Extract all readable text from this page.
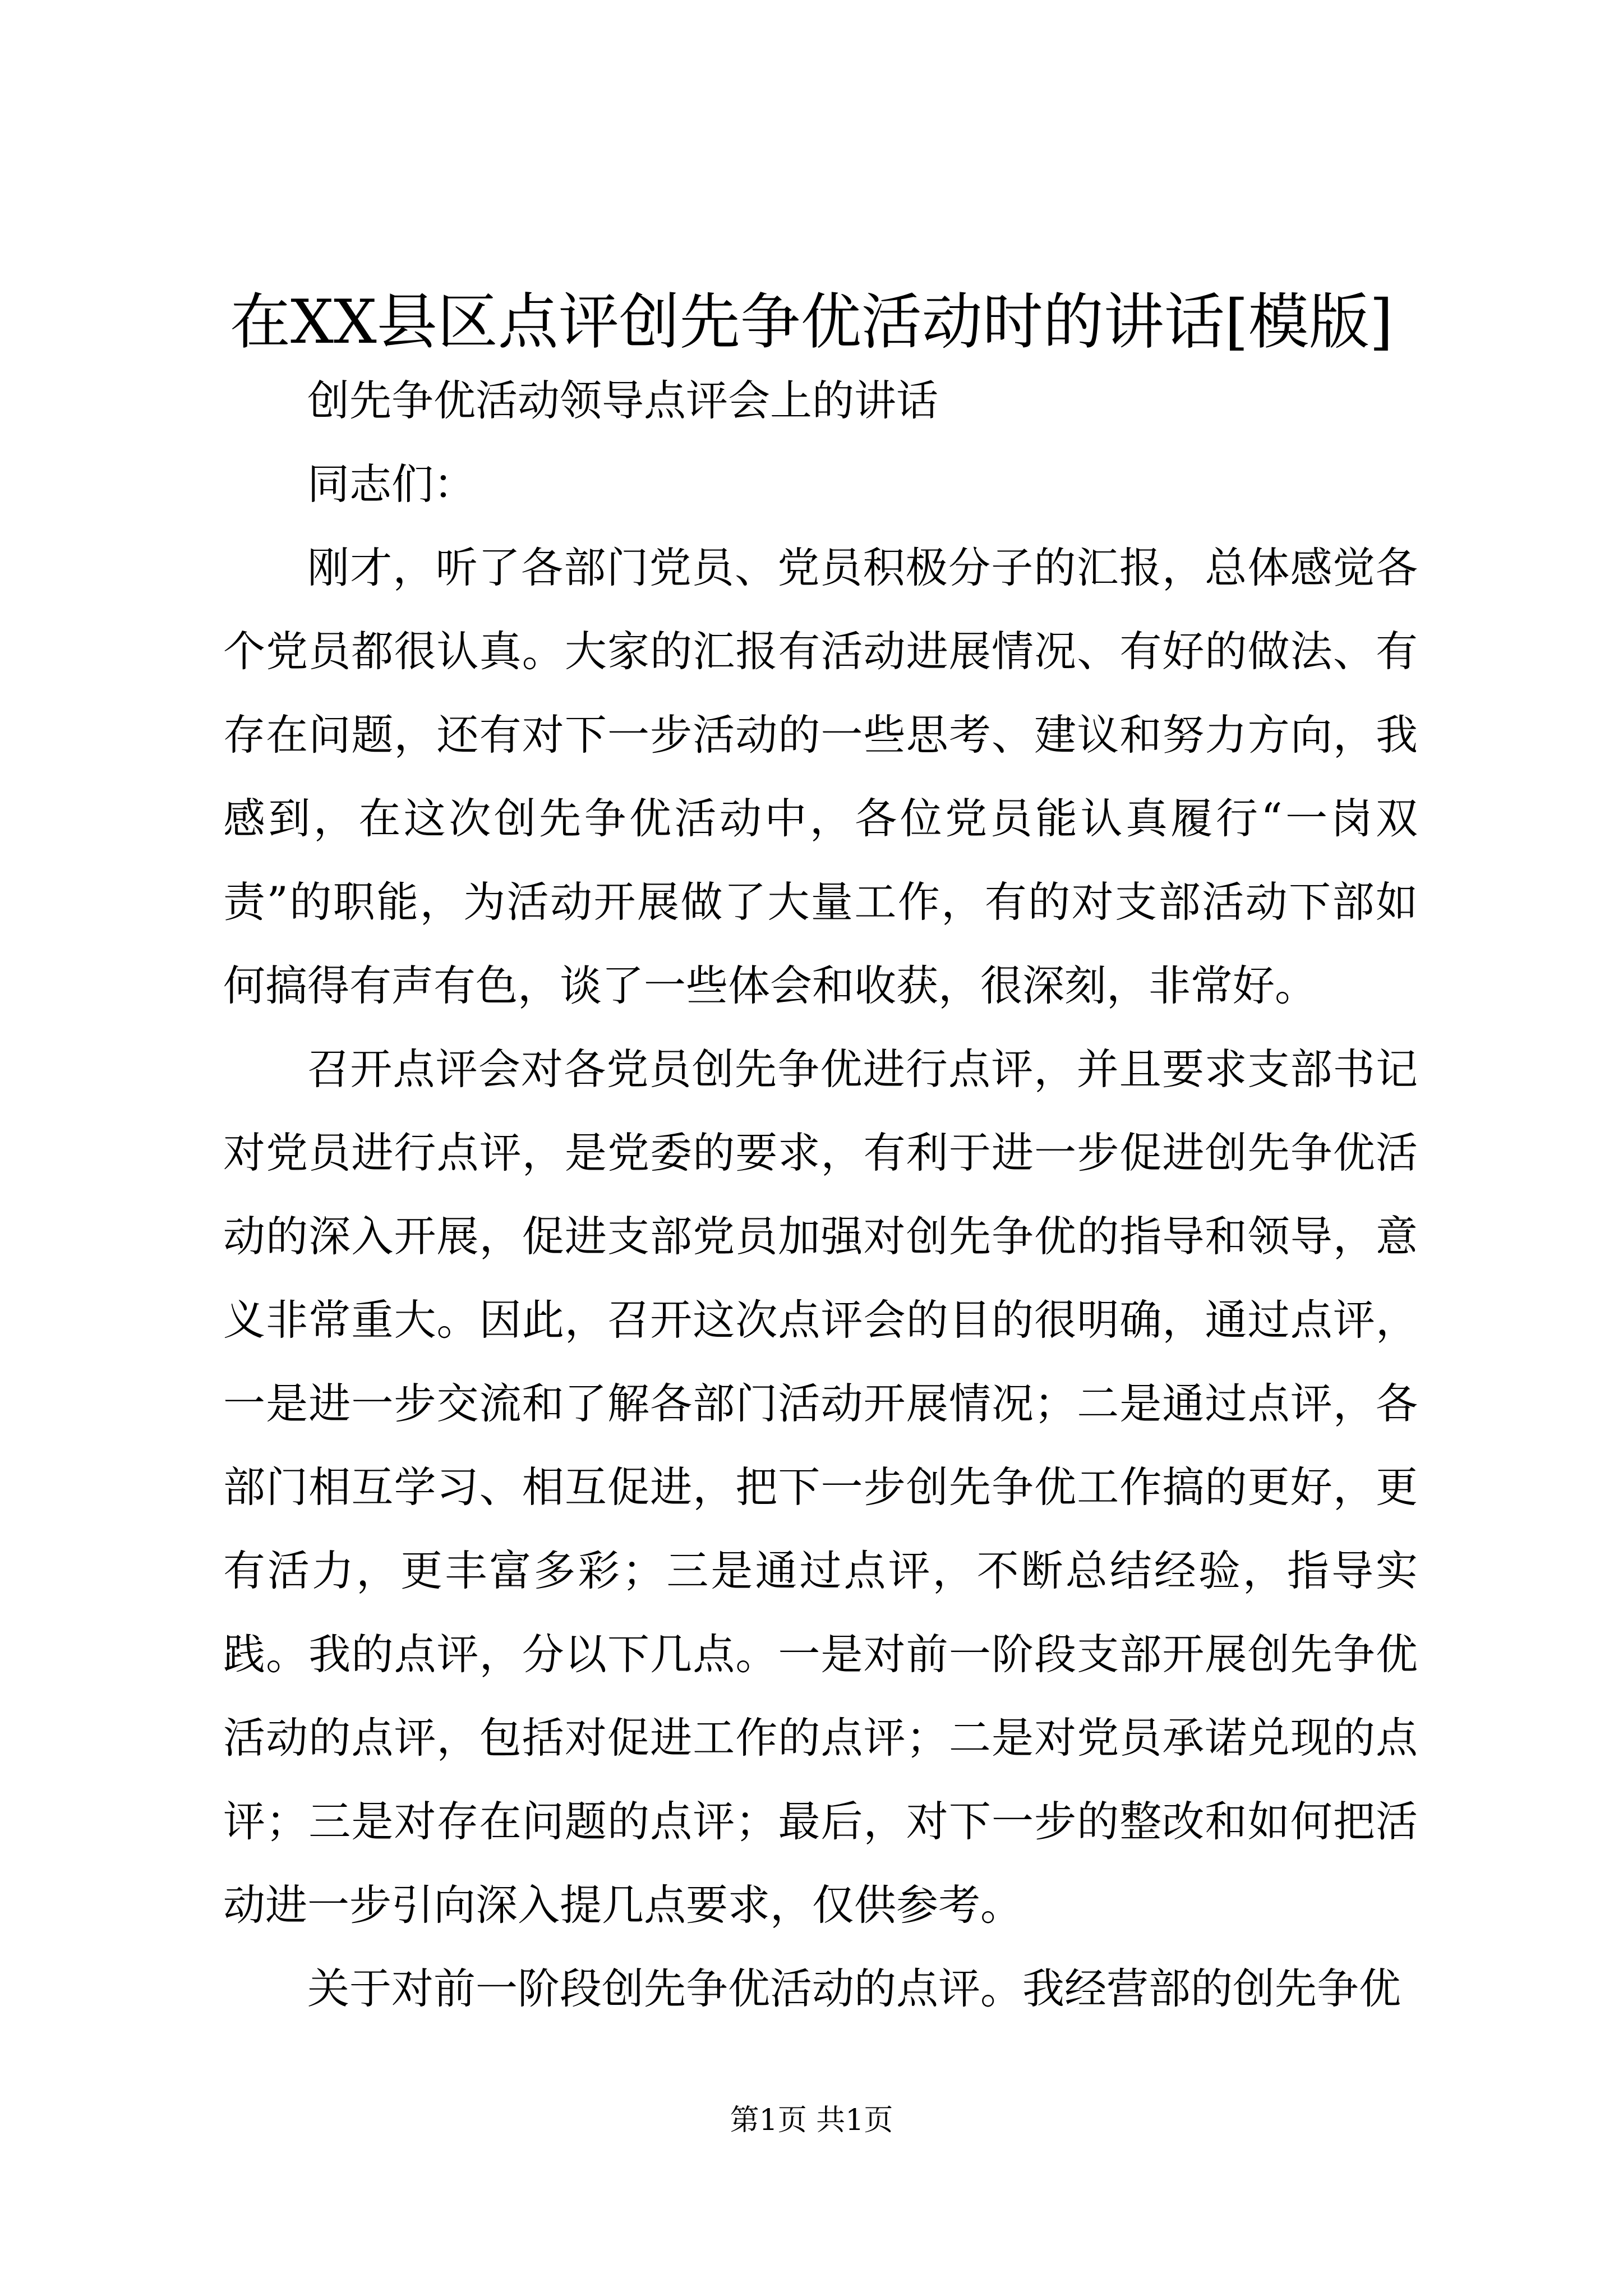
在XX县区点评创先争优活动时的讲话[模版]

创先争优活动领导点评会上的讲话

同志们：

刚才，听了各部门党员、党员积极分子的汇报，总体感觉各个党员都很认真。大家的汇报有活动进展情况、有好的做法、有存在问题，还有对下一步活动的一些思考、建议和努力方向，我感到，在这次创先争优活动中，各位党员能认真履行“一岗双责”的职能，为活动开展做了大量工作，有的对支部活动下部如何搞得有声有色，谈了一些体会和收获，很深刻，非常好。

召开点评会对各党员创先争优进行点评，并且要求支部书记对党员进行点评，是党委的要求，有利于进一步促进创先争优活动的深入开展，促进支部党员加强对创先争优的指导和领导，意义非常重大。因此，召开这次点评会的目的很明确，通过点评，一是进一步交流和了解各部门活动开展情况；二是通过点评，各部门相互学习、相互促进，把下一步创先争优工作搞的更好，更有活力，更丰富多彩；三是通过点评，不断总结经验，指导实践。我的点评，分以下几点。一是对前一阶段支部开展创先争优活动的点评，包括对促进工作的点评；二是对党员承诺兑现的点评；三是对存在问题的点评；最后，对下一步的整改和如何把活动进一步引向深入提几点要求，仅供参考。

关于对前一阶段创先争优活动的点评。我经营部的创先争优

第1页 共1页
